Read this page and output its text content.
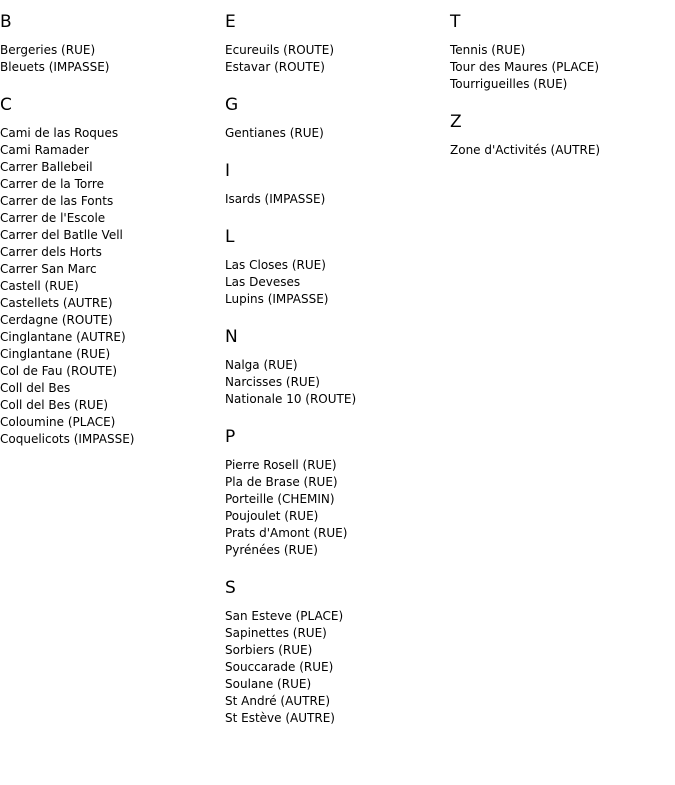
B
Bergeries (RUE)
Bleuets (IMPASSE)
C
Cami de las Roques
Cami Ramader
Carrer Ballebeil
Carrer de la Torre
Carrer de las Fonts
Carrer de l'Escole
Carrer del Batlle Vell
Carrer dels Horts
Carrer San Marc
Castell (RUE)
Castellets (AUTRE)
Cerdagne (ROUTE)
Cinglantane (AUTRE)
Cinglantane (RUE)
Col de Fau (ROUTE)
Coll del Bes
Coll del Bes (RUE)
Coloumine (PLACE)
Coquelicots (IMPASSE)
E
Ecureuils (ROUTE)
Estavar (ROUTE)
G
Gentianes (RUE)
I
Isards (IMPASSE)
L
Las Closes (RUE)
Las Deveses
Lupins (IMPASSE)
N
Nalga (RUE)
Narcisses (RUE)
Nationale 10 (ROUTE)
P
Pierre Rosell (RUE)
Pla de Brase (RUE)
Porteille (CHEMIN)
Poujoulet (RUE)
Prats d'Amont (RUE)
Pyrénées (RUE)
S
San Esteve (PLACE)
Sapinettes (RUE)
Sorbiers (RUE)
Souccarade (RUE)
Soulane (RUE)
St André (AUTRE)
St Estève (AUTRE)
T
Tennis (RUE)
Tour des Maures (PLACE)
Tourrigueilles (RUE)
Z
Zone d'Activités (AUTRE)
